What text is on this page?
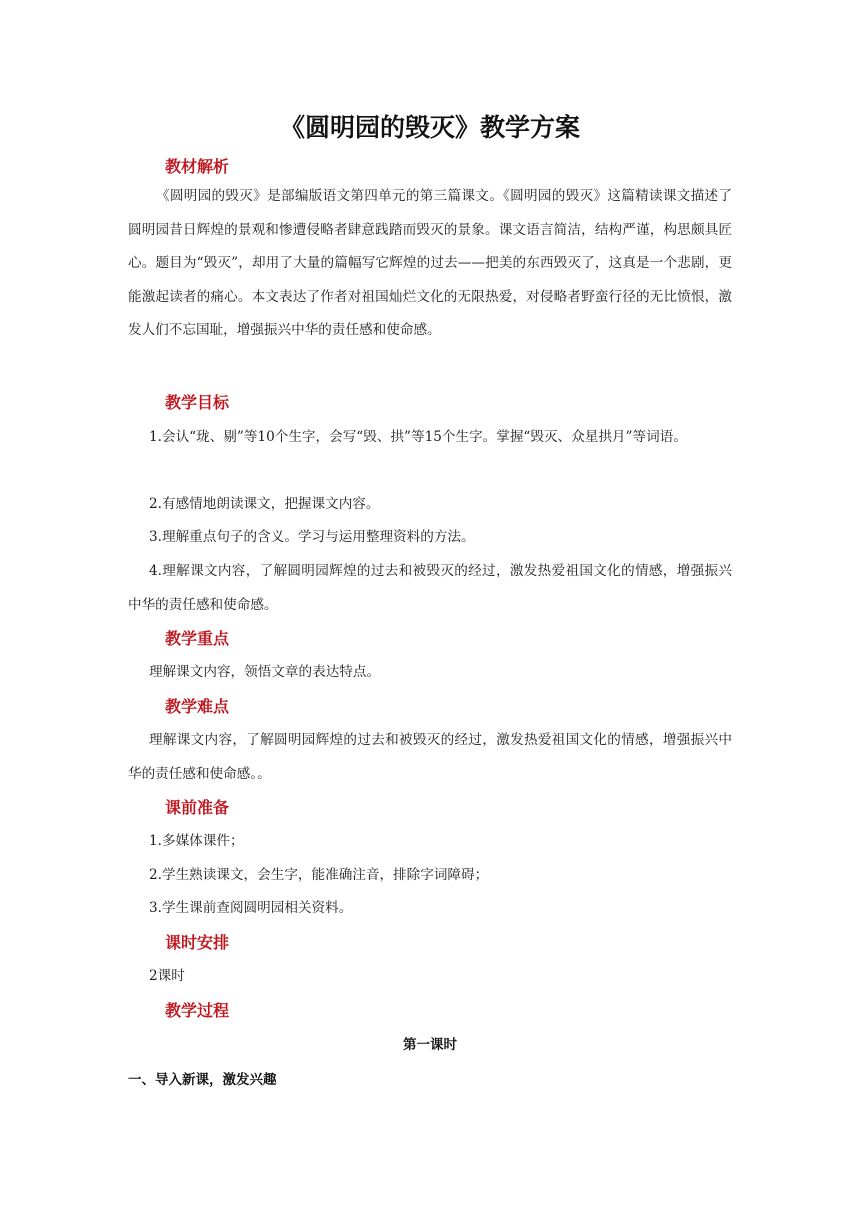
《圆明园的毁灭》教学方案
教材解析

《圆明园的毁灭》是部编版语文第四单元的第三篇课文。《圆明园的毁灭》这篇精读课文描述了圆明园昔日辉煌的景观和惨遭侵略者肆意践踏而毁灭的景象。课文语言简洁，结构严谨，构思颇具匠心。题目为“毁灭”，却用了大量的篇幅写它辉煌的过去——把美的东西毁灭了，这真是一个悲剧，更能激起读者的痛心。本文表达了作者对祖国灿烂文化的无限热爱，对侵略者野蛮行径的无比愤恨，激发人们不忘国耻，增强振兴中华的责任感和使命感。

教学目标

1.会认“珑、剔”等10个生字，会写“毁、拱”等15个生字。掌握“毁灭、众星拱月”等词语。

2.有感情地朗读课文，把握课文内容。

3.理解重点句子的含义。学习与运用整理资料的方法。

4.理解课文内容，了解圆明园辉煌的过去和被毁灭的经过，激发热爱祖国文化的情感，增强振兴中华的责任感和使命感。

教学重点

理解课文内容，领悟文章的表达特点。

教学难点

理解课文内容，了解圆明园辉煌的过去和被毁灭的经过，激发热爱祖国文化的情感，增强振兴中华的责任感和使命感。。

课前准备

1.多媒体课件；

2.学生熟读课文，会生字，能准确注音，排除字词障碍；

3.学生课前查阅圆明园相关资料。

课时安排

2课时

教学过程
第一课时
一、导入新课，激发兴趣
